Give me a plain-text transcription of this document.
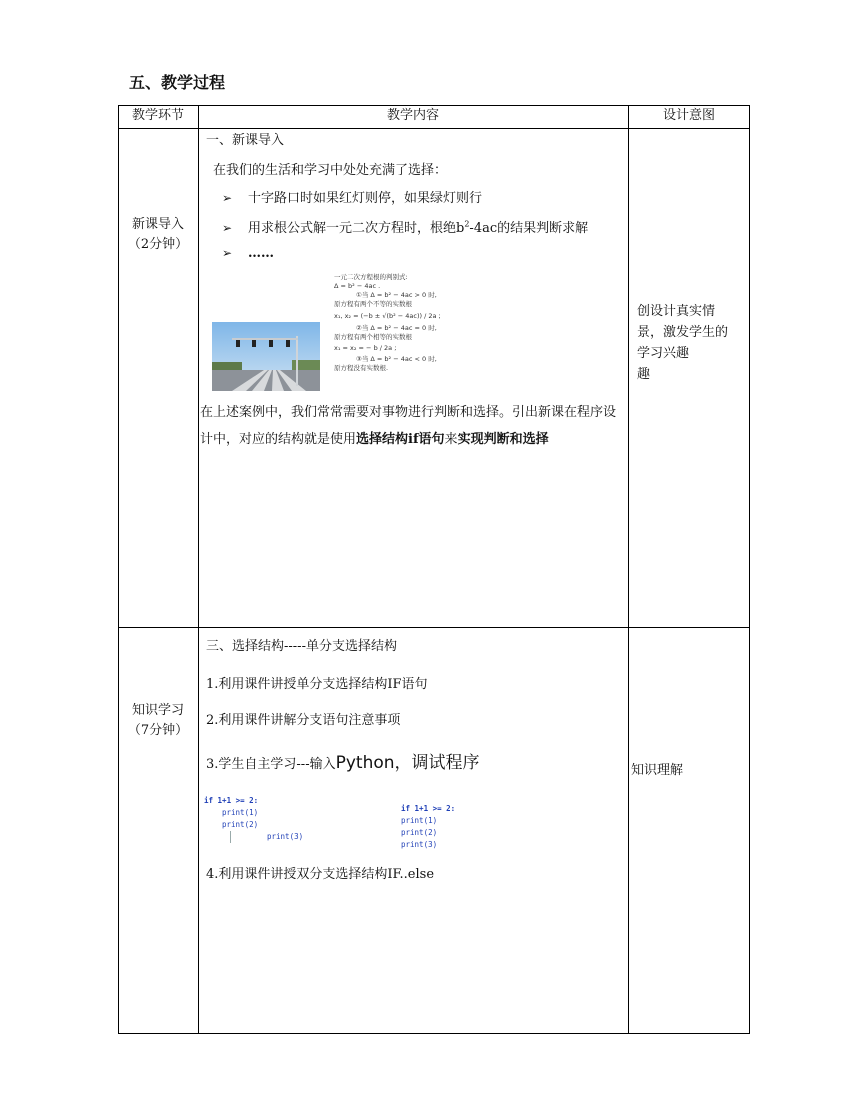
五、教学过程
教学环节	教学内容	设计意图
新课导入
（2分钟）
一、新课导入
在我们的生活和学习中处处充满了选择：
➢ 十字路口时如果红灯则停，如果绿灯则行
➢ 用求根公式解一元二次方程时，根绝$b^2-4ac$的结果判断求解
➢ ……
一元二次方程根的判别式:
Δ = b² − 4ac .
①当 Δ = b² − 4ac > 0 时,
原方程有两个不等的实数根
x₁, x₂ = (−b ± √(b² − 4ac)) / 2a ;
②当 Δ = b² − 4ac = 0 时,
原方程有两个相等的实数根
x₁ = x₂ = − b / 2a ;
③当 Δ = b² − 4ac < 0 时,
原方程没有实数根.
在上述案例中，我们常常需要对事物进行判断和选择。引出新课在程序设计中，对应的结构就是使用选择结构if语句来实现判断和选择
创设计真实情
景，激发学生的
学习兴趣
趣
知识学习
（7分钟）
三、选择结构-----单分支选择结构
1.利用课件讲授单分支选择结构IF语句
2.利用课件讲解分支语句注意事项
3.学生自主学习---输入Python，调试程序
if 1+1 >= 2:
print(1)
print(2)
print(3)
if 1+1 >= 2:
print(1)
print(2)
print(3)
4.利用课件讲授双分支选择结构IF..else
知识理解
